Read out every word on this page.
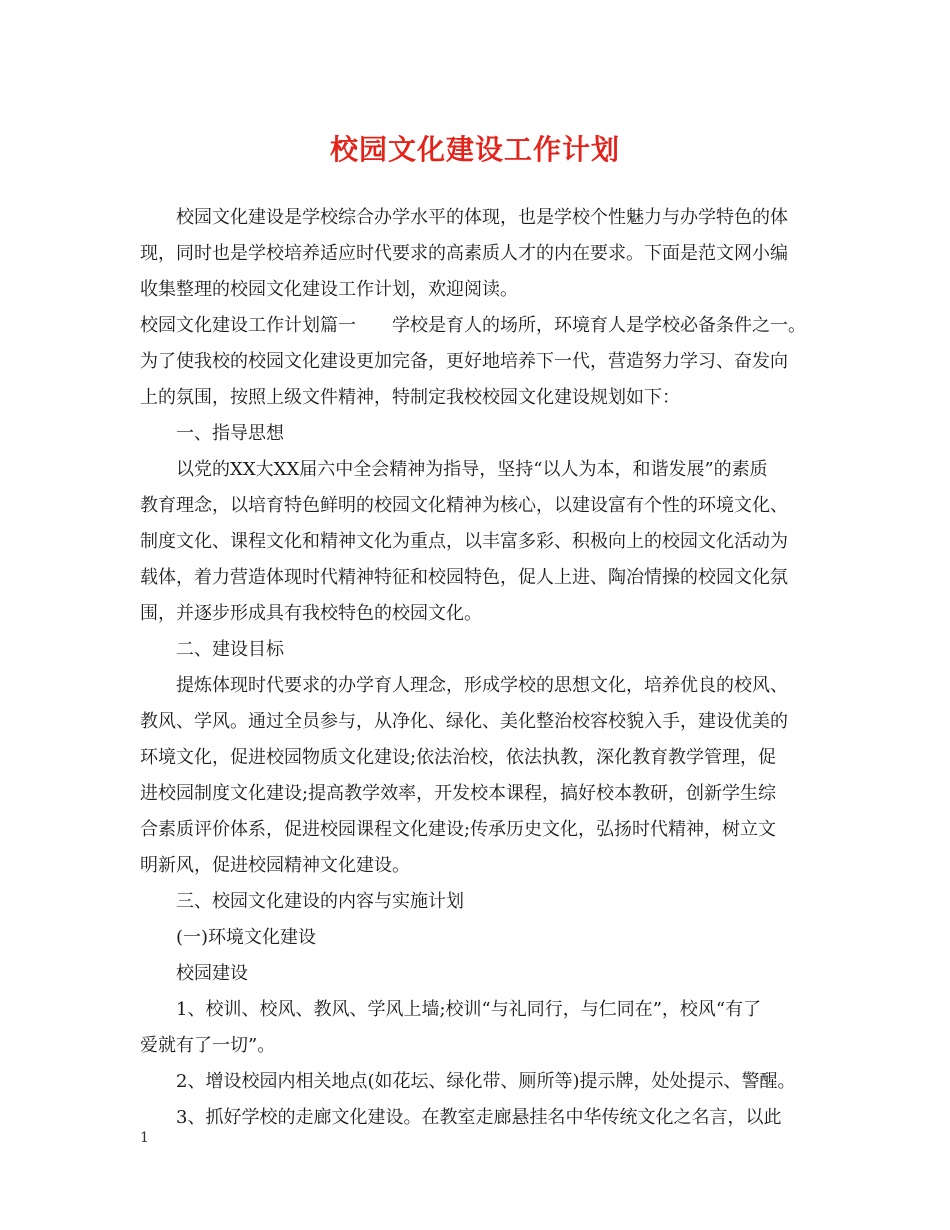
校园文化建设工作计划
校园文化建设是学校综合办学水平的体现，也是学校个性魅力与办学特色的体
现，同时也是学校培养适应时代要求的高素质人才的内在要求。下面是范文网小编
收集整理的校园文化建设工作计划，欢迎阅读。
校园文化建设工作计划篇一　　学校是育人的场所，环境育人是学校必备条件之一。
为了使我校的校园文化建设更加完备，更好地培养下一代，营造努力学习、奋发向
上的氛围，按照上级文件精神，特制定我校校园文化建设规划如下：
一、指导思想
以党的XX大XX届六中全会精神为指导，坚持“以人为本，和谐发展”的素质
教育理念，以培育特色鲜明的校园文化精神为核心，以建设富有个性的环境文化、
制度文化、课程文化和精神文化为重点，以丰富多彩、积极向上的校园文化活动为
载体，着力营造体现时代精神特征和校园特色，促人上进、陶冶情操的校园文化氛
围，并逐步形成具有我校特色的校园文化。
二、建设目标
提炼体现时代要求的办学育人理念，形成学校的思想文化，培养优良的校风、
教风、学风。通过全员参与，从净化、绿化、美化整治校容校貌入手，建设优美的
环境文化，促进校园物质文化建设;依法治校，依法执教，深化教育教学管理，促
进校园制度文化建设;提高教学效率，开发校本课程，搞好校本教研，创新学生综
合素质评价体系，促进校园课程文化建设;传承历史文化，弘扬时代精神，树立文
明新风，促进校园精神文化建设。
三、校园文化建设的内容与实施计划
(一)环境文化建设
校园建设
1、校训、校风、教风、学风上墙;校训“与礼同行，与仁同在”，校风“有了
爱就有了一切”。
2、增设校园内相关地点(如花坛、绿化带、厕所等)提示牌，处处提示、警醒。
3、抓好学校的走廊文化建设。在教室走廊悬挂名中华传统文化之名言，以此
1
